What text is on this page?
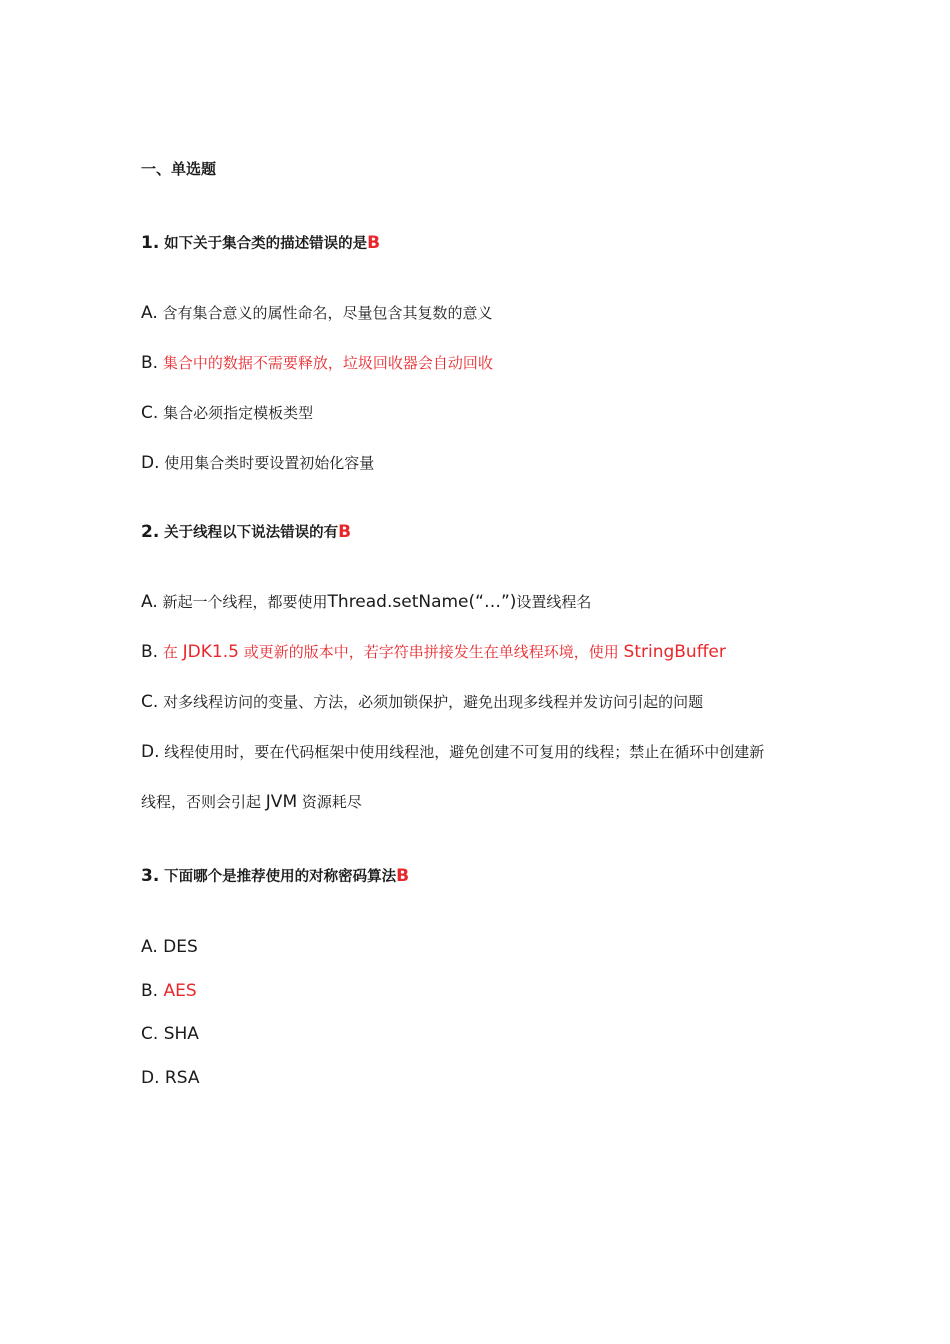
一、单选题
1. 如下关于集合类的描述错误的是B
A. 含有集合意义的属性命名，尽量包含其复数的意义
B. 集合中的数据不需要释放，垃圾回收器会自动回收
C. 集合必须指定模板类型
D. 使用集合类时要设置初始化容量
2. 关于线程以下说法错误的有B
A. 新起一个线程，都要使用Thread.setName(“…”)设置线程名
B. 在 JDK1.5 或更新的版本中，若字符串拼接发生在单线程环境，使用 StringBuffer
C. 对多线程访问的变量、方法，必须加锁保护，避免出现多线程并发访问引起的问题
D. 线程使用时，要在代码框架中使用线程池，避免创建不可复用的线程；禁止在循环中创建新
线程，否则会引起 JVM 资源耗尽
3. 下面哪个是推荐使用的对称密码算法B
A. DES
B. AES
C. SHA
D. RSA
